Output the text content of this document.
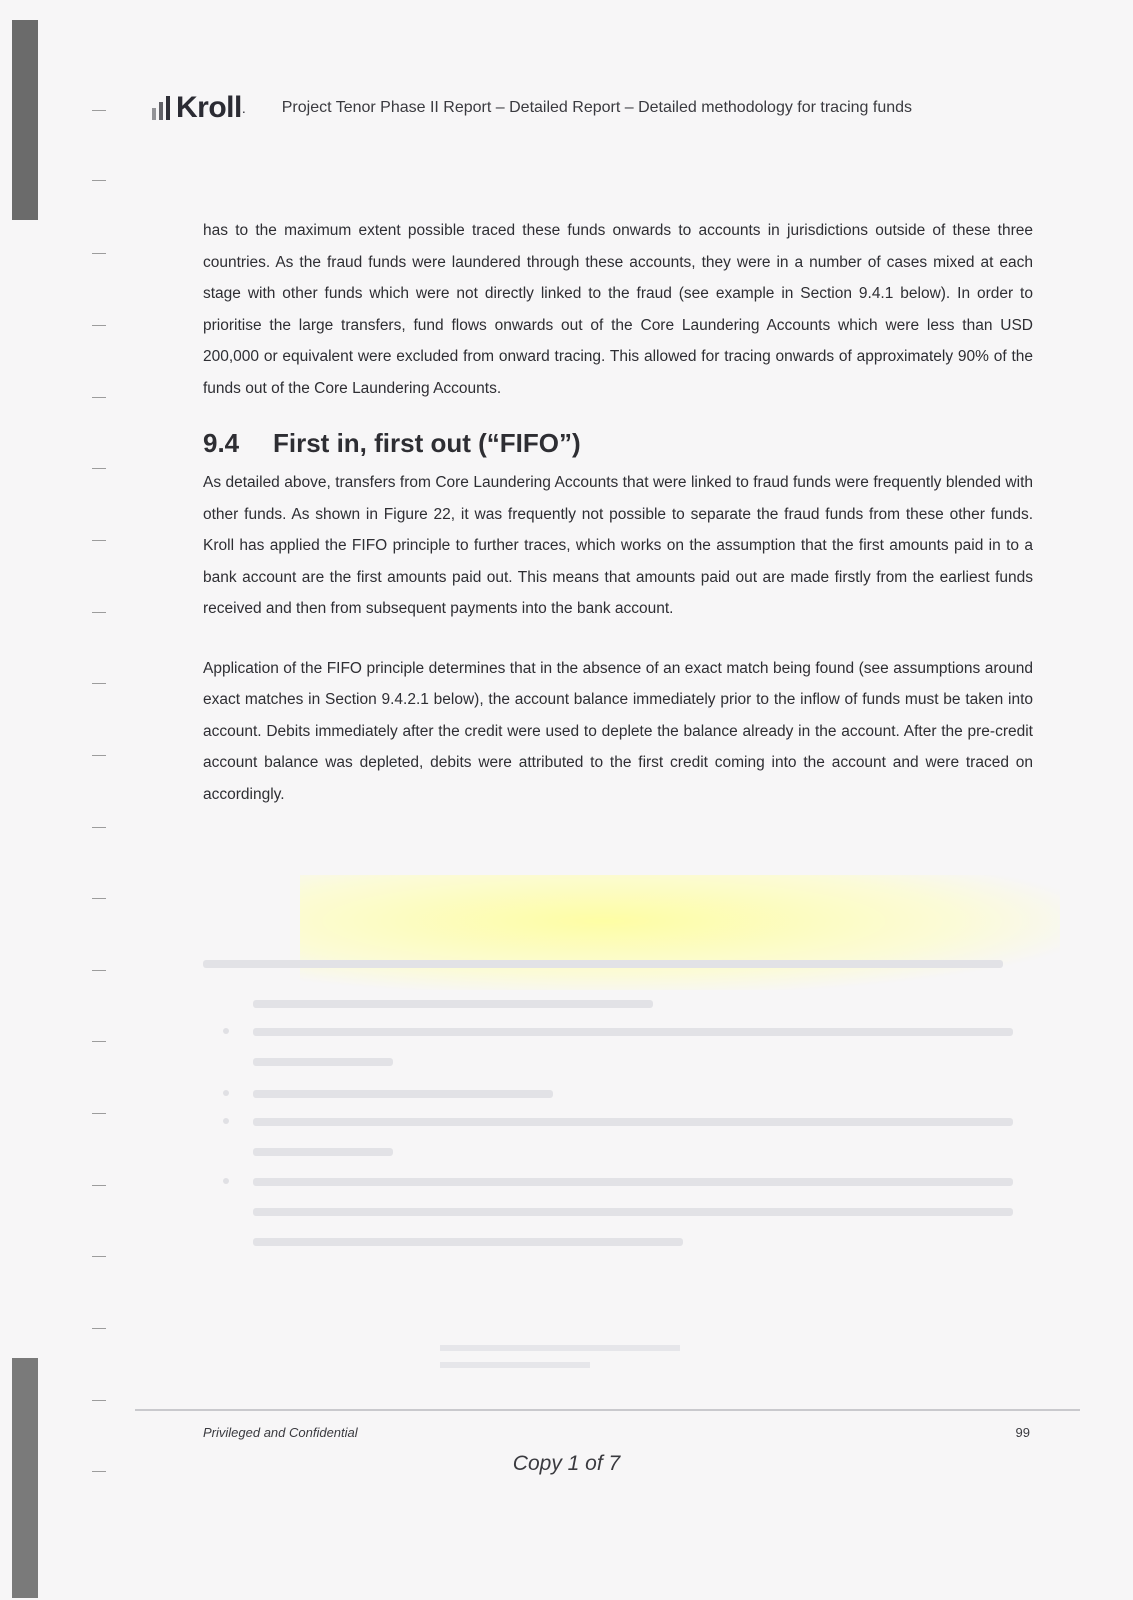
Kroll . Project Tenor Phase II Report – Detailed Report – Detailed methodology for tracing funds

has to the maximum extent possible traced these funds onwards to accounts in jurisdictions outside of these three countries. As the fraud funds were laundered through these accounts, they were in a number of cases mixed at each stage with other funds which were not directly linked to the fraud (see example in Section 9.4.1 below). In order to prioritise the large transfers, fund flows onwards out of the Core Laundering Accounts which were less than USD 200,000 or equivalent were excluded from onward tracing. This allowed for tracing onwards of approximately 90% of the funds out of the Core Laundering Accounts.

9.4	First in, first out (“FIFO”)

As detailed above, transfers from Core Laundering Accounts that were linked to fraud funds were frequently blended with other funds. As shown in Figure 22, it was frequently not possible to separate the fraud funds from these other funds. Kroll has applied the FIFO principle to further traces, which works on the assumption that the first amounts paid in to a bank account are the first amounts paid out. This means that amounts paid out are made firstly from the earliest funds received and then from subsequent payments into the bank account.

Application of the FIFO principle determines that in the absence of an exact match being found (see assumptions around exact matches in Section 9.4.2.1 below), the account balance immediately prior to the inflow of funds must be taken into account. Debits immediately after the credit were used to deplete the balance already in the account. After the pre-credit account balance was depleted, debits were attributed to the first credit coming into the account and were traced on accordingly.

Privileged and Confidential	99
Copy 1 of 7
